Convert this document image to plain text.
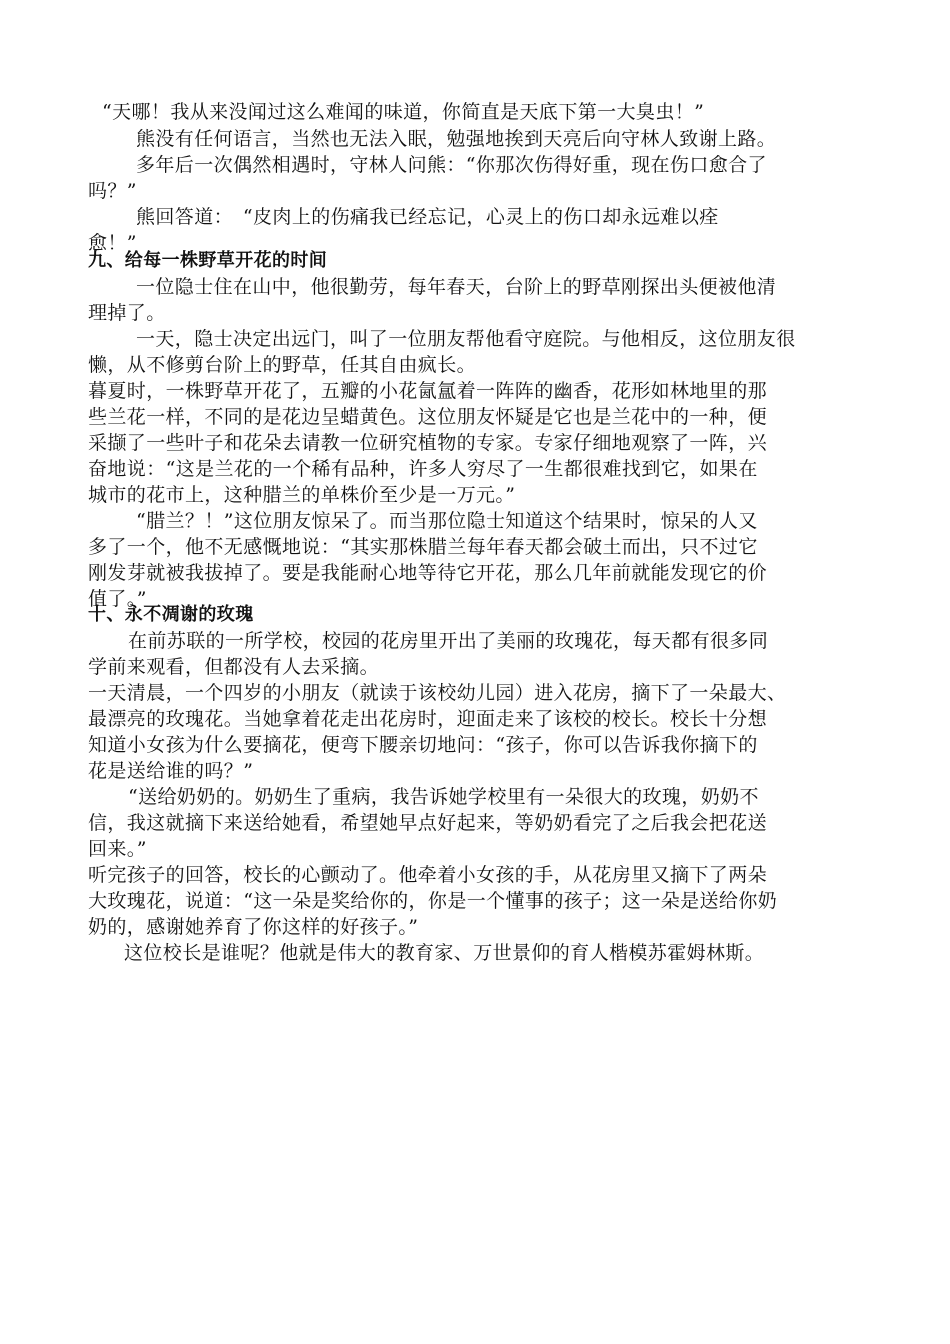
“天哪！我从来没闻过这么难闻的味道，你简直是天底下第一大臭虫！”

熊没有任何语言，当然也无法入眠，勉强地挨到天亮后向守林人致谢上路。

多年后一次偶然相遇时，守林人问熊：“你那次伤得好重，现在伤口愈合了

吗？”

熊回答道：　“皮肉上的伤痛我已经忘记，心灵上的伤口却永远难以痊

愈！”

九、给每一株野草开花的时间

一位隐士住在山中，他很勤劳，每年春天，台阶上的野草刚探出头便被他清

理掉了。

一天，隐士决定出远门，叫了一位朋友帮他看守庭院。与他相反，这位朋友很

懒，从不修剪台阶上的野草，任其自由疯长。

暮夏时，一株野草开花了，五瓣的小花氤氲着一阵阵的幽香，花形如林地里的那

些兰花一样，不同的是花边呈蜡黄色。这位朋友怀疑是它也是兰花中的一种，便

采撷了一些叶子和花朵去请教一位研究植物的专家。专家仔细地观察了一阵，兴

奋地说：“这是兰花的一个稀有品种，许多人穷尽了一生都很难找到它，如果在

城市的花市上，这种腊兰的单株价至少是一万元。”

“腊兰？！”这位朋友惊呆了。而当那位隐士知道这个结果时，惊呆的人又

多了一个，他不无感慨地说：“其实那株腊兰每年春天都会破土而出，只不过它

刚发芽就被我拔掉了。要是我能耐心地等待它开花，那么几年前就能发现它的价

值了。”

十、永不凋谢的玫瑰

在前苏联的一所学校，校园的花房里开出了美丽的玫瑰花，每天都有很多同

学前来观看，但都没有人去采摘。

一天清晨，一个四岁的小朋友（就读于该校幼儿园）进入花房，摘下了一朵最大、

最漂亮的玫瑰花。当她拿着花走出花房时，迎面走来了该校的校长。校长十分想

知道小女孩为什么要摘花，便弯下腰亲切地问：“孩子，你可以告诉我你摘下的

花是送给谁的吗？”

“送给奶奶的。奶奶生了重病，我告诉她学校里有一朵很大的玫瑰，奶奶不

信，我这就摘下来送给她看，希望她早点好起来，等奶奶看完了之后我会把花送

回来。”

听完孩子的回答，校长的心颤动了。他牵着小女孩的手，从花房里又摘下了两朵

大玫瑰花，说道：“这一朵是奖给你的，你是一个懂事的孩子；这一朵是送给你奶

奶的，感谢她养育了你这样的好孩子。”

这位校长是谁呢？他就是伟大的教育家、万世景仰的育人楷模苏霍姆林斯。
